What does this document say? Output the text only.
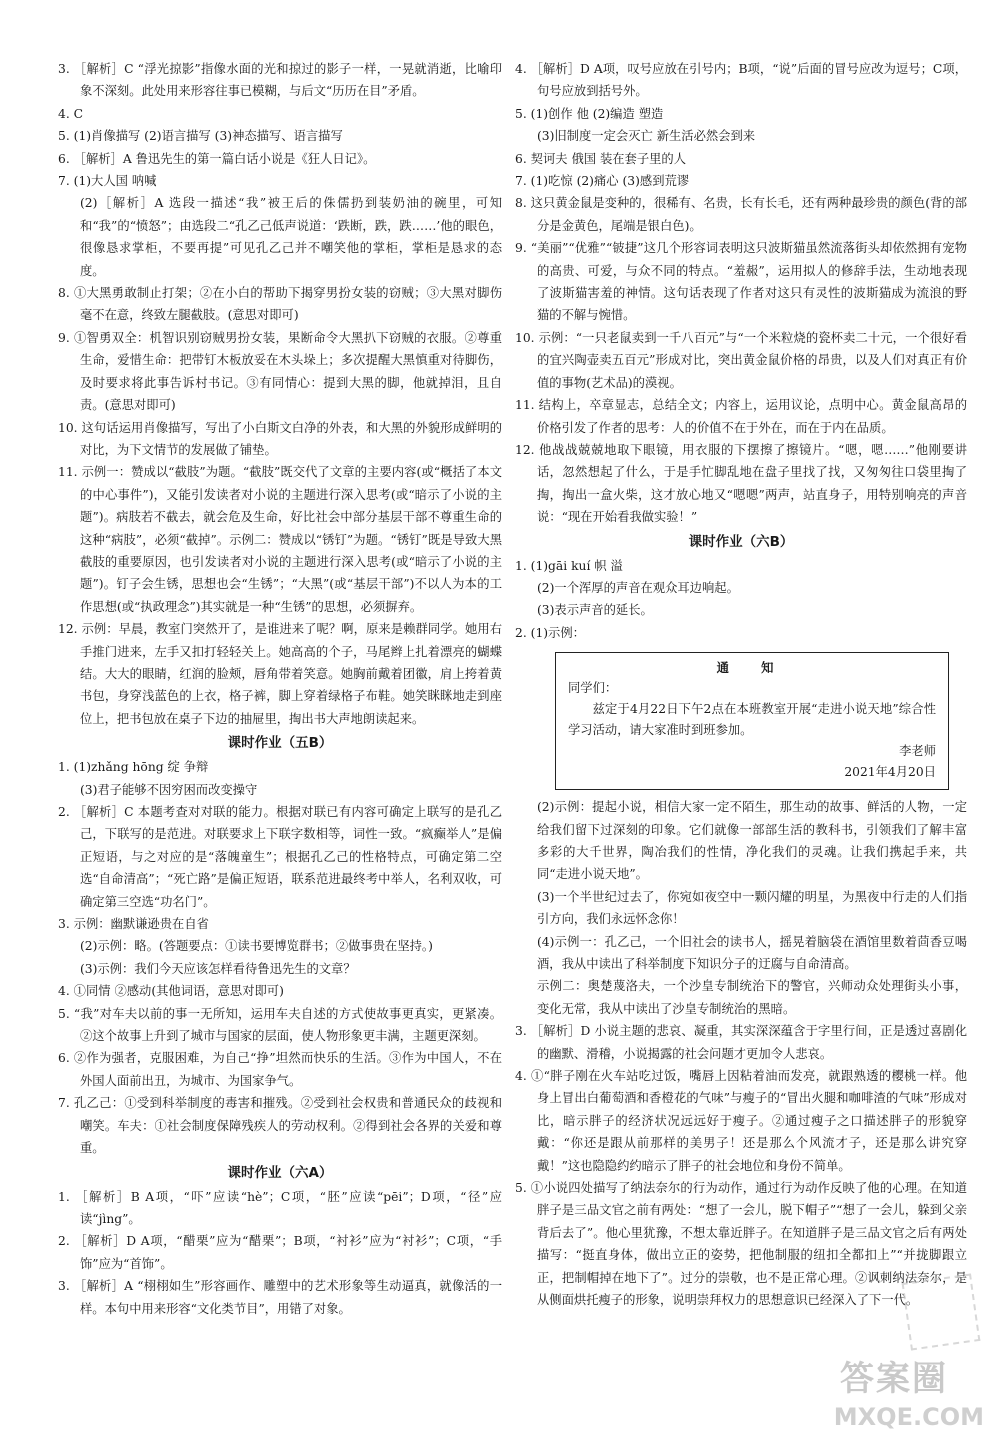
3. ［解析］C “浮光掠影”指像水面的光和掠过的影子一样，一晃就消逝，比喻印象不深刻。此处用来形容往事已模糊，与后文“历历在目”矛盾。

4. C

5. (1)肖像描写 (2)语言描写 (3)神态描写、语言描写

6. ［解析］A 鲁迅先生的第一篇白话小说是《狂人日记》。

7. (1)大人国 呐喊

(2)［解析］A 选段一描述“我”被王后的侏儒扔到装奶油的碗里，可知和“我”的“愤怒”；由选段二“孔乙己低声说道：‘跌断，跌，跌……’他的眼色，很像恳求掌柜，不要再提”可见孔乙己并不嘲笑他的掌柜，掌柜是恳求的态度。

8. ①大黑勇敢制止打架；②在小白的帮助下揭穿男扮女装的窃贼；③大黑对脚伤毫不在意，终致左腿截肢。(意思对即可)

9. ①智勇双全：机智识别窃贼男扮女装，果断命令大黑扒下窃贼的衣服。②尊重生命，爱惜生命：把带钉木板放妥在木头垛上；多次提醒大黑慎重对待脚伤，及时要求将此事告诉村书记。③有同情心：提到大黑的脚，他就掉泪，且自责。(意思对即可)

10. 这句话运用肖像描写，写出了小白斯文白净的外表，和大黑的外貌形成鲜明的对比，为下文情节的发展做了铺垫。

11. 示例一：赞成以“截肢”为题。“截肢”既交代了文章的主要内容(或“概括了本文的中心事件”)，又能引发读者对小说的主题进行深入思考(或“暗示了小说的主题”)。病肢若不截去，就会危及生命，好比社会中部分基层干部不尊重生命的这种“病肢”，必须“截掉”。示例二：赞成以“锈钉”为题。“锈钉”既是导致大黑截肢的重要原因，也引发读者对小说的主题进行深入思考(或“暗示了小说的主题”)。钉子会生锈，思想也会“生锈”；“大黑”(或“基层干部”)不以人为本的工作思想(或“执政理念”)其实就是一种“生锈”的思想，必须摒弃。

12. 示例：早晨，教室门突然开了，是谁进来了呢？啊，原来是赖群同学。她用右手推门进来，左手又扣打轻轻关上。她高高的个子，马尾辫上扎着漂亮的蝴蝶结。大大的眼睛，红润的脸颊，唇角带着笑意。她胸前戴着团徽，肩上挎着黄书包，身穿浅蓝色的上衣，格子裤，脚上穿着绿格子布鞋。她笑眯眯地走到座位上，把书包放在桌子下边的抽屉里，掏出书大声地朗读起来。

课时作业（五B）

1. (1)zhǎng hōng 绽 争辩

(3)君子能够不因穷困而改变操守

2. ［解析］C 本题考查对对联的能力。根据对联已有内容可确定上联写的是孔乙己，下联写的是范进。对联要求上下联字数相等，词性一致。“疯癫举人”是偏正短语，与之对应的是“落魄童生”；根据孔乙己的性格特点，可确定第二空选“自命清高”；“死亡路”是偏正短语，联系范进最终考中举人，名利双收，可确定第三空选“功名门”。

3. 示例：幽默谦逊贵在自省

(2)示例：略。(答题要点：①读书要博览群书；②做事贵在坚持。)

(3)示例：我们今天应该怎样看待鲁迅先生的文章？

4. ①同情 ②感动(其他词语，意思对即可)

5. “我”对车夫以前的事一无所知，运用车夫自述的方式使故事更真实，更紧凑。②这个故事上升到了城市与国家的层面，使人物形象更丰满，主题更深刻。

6. ②作为强者，克服困难，为自己“挣”坦然而快乐的生活。③作为中国人，不在外国人面前出丑，为城市、为国家争气。

7. 孔乙己：①受到科举制度的毒害和摧残。②受到社会权贵和普通民众的歧视和嘲笑。车夫：①社会制度保障残疾人的劳动权利。②得到社会各界的关爱和尊重。

课时作业（六A）

1. ［解析］B A项，“吓”应读“hè”；C项，“胚”应读“pēi”；D项，“径”应读“jìng”。

2. ［解析］D A项，“醋栗”应为“醋栗”；B项，“衬衫”应为“衬衫”；C项，“手饰”应为“首饰”。

3. ［解析］A “栩栩如生”形容画作、雕塑中的艺术形象等生动逼真，就像活的一样。本句中用来形容“文化类节目”，用错了对象。

4. ［解析］D A项，叹号应放在引号内；B项，“说”后面的冒号应改为逗号；C项，句号应放到括号外。

5. (1)创作 他 (2)编造 塑造

(3)旧制度一定会灭亡 新生活必然会到来

6. 契诃夫 俄国 装在套子里的人

7. (1)吃惊 (2)痛心 (3)感到荒谬

8. 这只黄金鼠是变种的，很稀有、名贵，长有长毛，还有两种最珍贵的颜色(背的部分是金黄色，尾端是银白色)。

9. “美丽”“优雅”“铍捷”这几个形容词表明这只波斯猫虽然流落街头却依然拥有宠物的高贵、可爱，与众不同的特点。“羞赧”，运用拟人的修辞手法，生动地表现了波斯猫害羞的神情。这句话表现了作者对这只有灵性的波斯猫成为流浪的野猫的不解与惋惜。

10. 示例：“一只老鼠卖到一千八百元”与“一个米粒烧的瓷杯卖二十元，一个很好看的宜兴陶壶卖五百元”形成对比，突出黄金鼠价格的昂贵，以及人们对真正有价值的事物(艺术品)的漠视。

11. 结构上，卒章显志，总结全文；内容上，运用议论，点明中心。黄金鼠高昂的价格引发了作者的思考：人的价值不在于外在，而在于内在品质。

12. 他战战兢兢地取下眼镜，用衣服的下摆擦了擦镜片。“嗯，嗯……”他刚要讲话，忽然想起了什么，于是手忙脚乱地在盘子里找了找，又匆匆往口袋里掏了掏，掏出一盒火柴，这才放心地又“嗯嗯”两声，站直身子，用特别响亮的声音说：“现在开始看我做实验！”

课时作业（六B）

1. (1)gāi kuí 帜 溢

(2)一个浑厚的声音在观众耳边响起。

(3)表示声音的延长。

2. (1)示例：

通 知
同学们：
兹定于4月22日下午2点在本班教室开展“走进小说天地”综合性学习活动，请大家准时到班参加。
李老师
2021年4月20日

(2)示例：提起小说，相信大家一定不陌生，那生动的故事、鲜活的人物，一定给我们留下过深刻的印象。它们就像一部部生活的教科书，引领我们了解丰富多彩的大千世界，陶冶我们的性情，净化我们的灵魂。让我们携起手来，共同“走进小说天地”。

(3)一个半世纪过去了，你宛如夜空中一颗闪耀的明星，为黑夜中行走的人们指引方向，我们永远怀念你！

(4)示例一：孔乙己，一个旧社会的读书人，摇晃着脑袋在酒馆里数着茴香豆喝酒，我从中读出了科举制度下知识分子的迂腐与自命清高。

示例二：奥楚蔑洛夫，一个沙皇专制统治下的警官，兴师动众处理街头小事，变化无常，我从中读出了沙皇专制统治的黑暗。

3. ［解析］D 小说主题的悲哀、凝重，其实深深蕴含于字里行间，正是透过喜剧化的幽默、滑稽，小说揭露的社会问题才更加令人悲哀。

4. ①“胖子刚在火车站吃过饭，嘴唇上因粘着油而发亮，就跟熟透的樱桃一样。他身上冒出白葡萄酒和香橙花的气味”与瘦子的“冒出火腿和咖啡渣的气味”形成对比，暗示胖子的经济状况远远好于瘦子。②通过瘦子之口描述胖子的形貌穿戴：“你还是跟从前那样的美男子！还是那么个风流才子，还是那么讲究穿戴！”这也隐隐约约暗示了胖子的社会地位和身份不简单。

5. ①小说四处描写了纳法奈尔的行为动作，通过行为动作反映了他的心理。在知道胖子是三品文官之前有两处：“想了一会儿，脱下帽子”“想了一会儿，躲到父亲背后去了”。他心里犹豫，不想太靠近胖子。在知道胖子是三品文官之后有两处描写：“挺直身体，做出立正的姿势，把他制服的纽扣全都扣上”“并拢脚跟立正，把制帽掉在地下了”。过分的崇敬，也不是正常心理。②讽刺纳法奈尔，是从侧面烘托瘦子的形象，说明崇拜权力的思想意识已经深入了下一代。

答案圈
MXQE.COM
